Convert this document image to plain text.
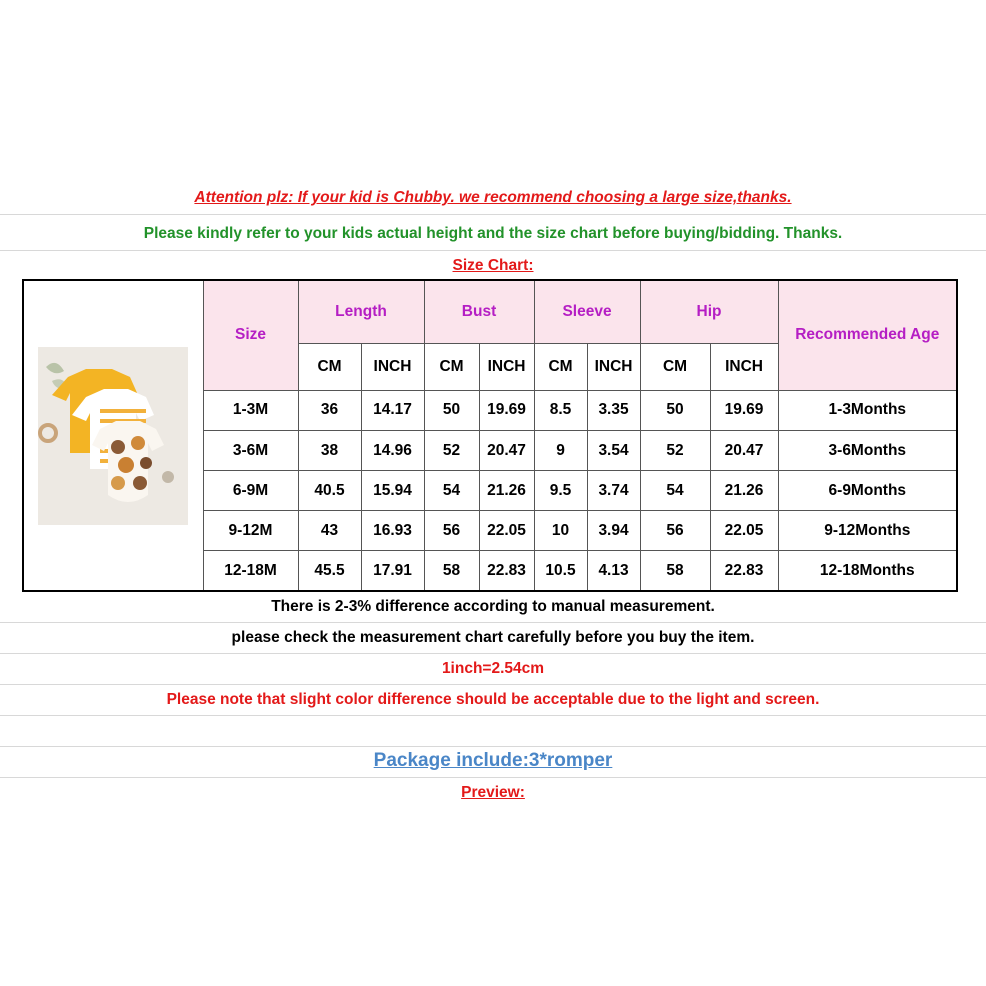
Attention plz: If your kid is Chubby. we recommend choosing a large size,thanks.
Please kindly refer to your kids actual height and the size chart before buying/bidding. Thanks.
Size Chart:
	Size	Length		Bust		Sleeve		Hip		Recommended Age
		CM	INCH	CM	INCH	CM	INCH	CM	INCH	
	1-3M	36	14.17	50	19.69	8.5	3.35	50	19.69	1-3Months
	3-6M	38	14.96	52	20.47	9	3.54	52	20.47	3-6Months
	6-9M	40.5	15.94	54	21.26	9.5	3.74	54	21.26	6-9Months
	9-12M	43	16.93	56	22.05	10	3.94	56	22.05	9-12Months
	12-18M	45.5	17.91	58	22.83	10.5	4.13	58	22.83	12-18Months
There is 2-3% difference according to manual measurement.
please check the measurement chart carefully before you buy the item.
1inch=2.54cm
Please note that slight color difference should be acceptable due to the light and screen.
Package include:3*romper
Preview:
